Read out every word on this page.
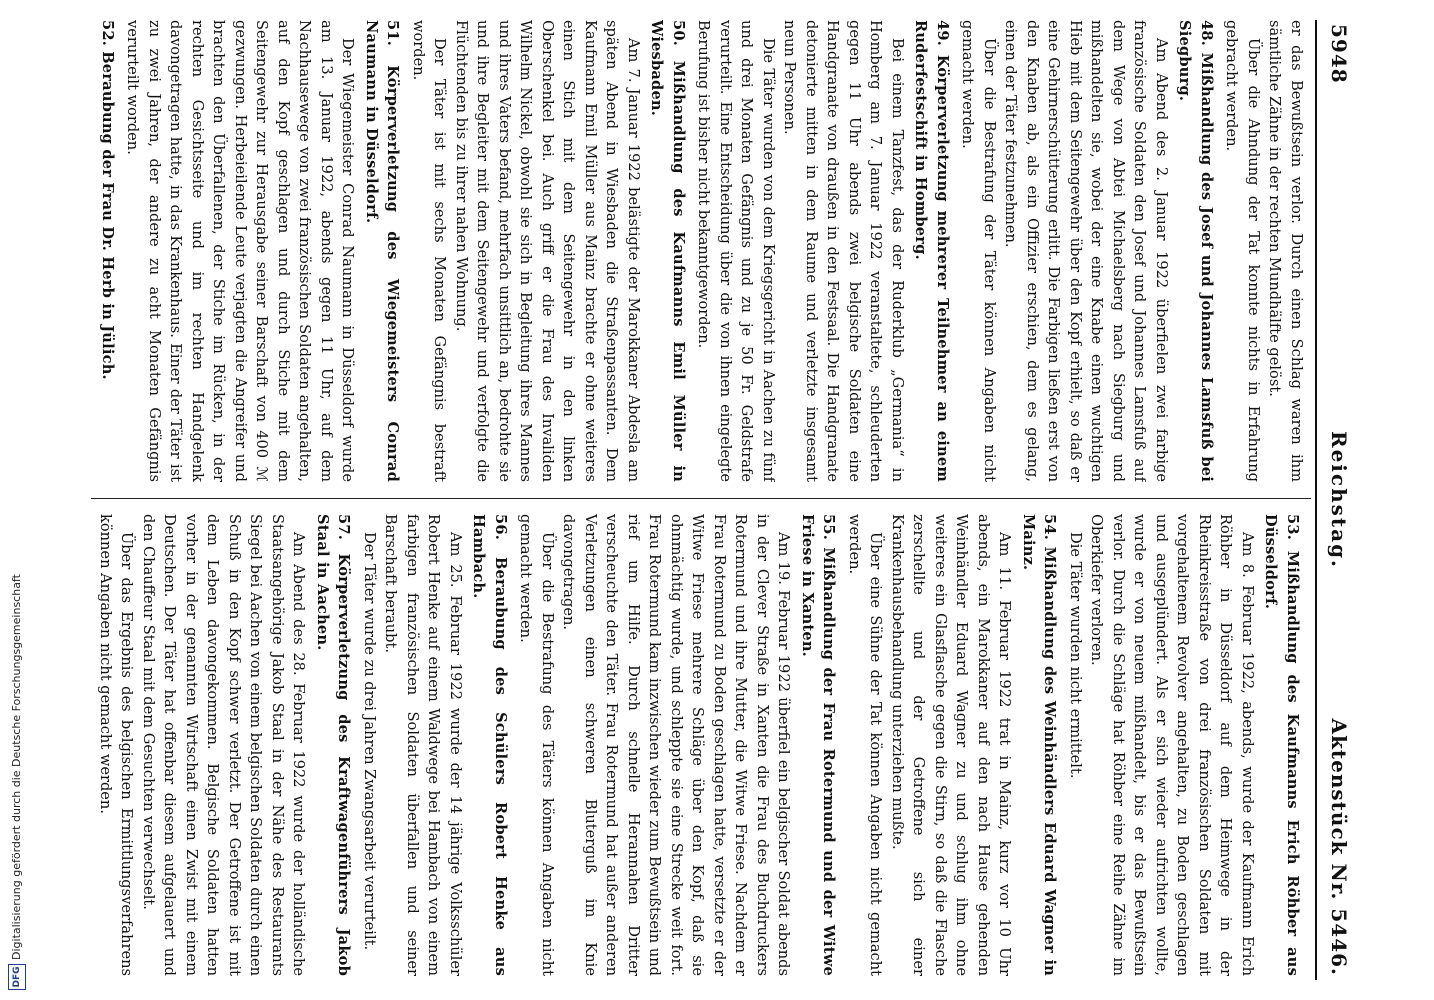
5948
Reichstag.
Aktenstück Nr. 5446.

er das Bewußtsein verlor. Durch einen Schlag waren ihm sämtliche Zähne in der rechten Mundhälfte gelöst.

Über die Ahndung der Tat konnte nichts in Erfahrung gebracht werden.

48. Mißhandlung des Josef und Johannes Lamsfuß bei Siegburg.

Am Abend des 2. Januar 1922 überfielen zwei farbige französische Soldaten den Josef und Johannes Lamsfuß auf dem Wege von Abtei Michaelsberg nach Siegburg und mißhandelten sie, wobei der eine Knabe einen wuchtigen Hieb mit dem Seitengewehr über den Kopf erhielt, so daß er eine Gehirnerschütterung erlitt. Die Farbigen ließen erst von den Knaben ab, als ein Offizier erschien, dem es gelang, einen der Täter festzunehmen.

Über die Bestrafung der Täter können Angaben nicht gemacht werden.

49. Körperverletzung mehrerer Teilnehmer an einem Ruderfestschift in Homberg.

Bei einem Tanzfest, das der Ruderklub „Germania“ in Homberg am 7. Januar 1922 veranstaltete, schleuderten gegen 11 Uhr abends zwei belgische Soldaten eine Handgranate von draußen in den Festsaal. Die Handgranate detonierte mitten in dem Raume und verletzte insgesamt neun Personen.

Die Täter wurden von dem Kriegsgericht in Aachen zu fünf und drei Monaten Gefängnis und zu je 50 Fr. Geldstrafe verurteilt. Eine Entscheidung über die von ihnen eingelegte Berufung ist bisher nicht bekanntgeworden.

50. Mißhandlung des Kaufmanns Emil Müller in Wiesbaden.

Am 7. Januar 1922 belästigte der Marokkaner Abdesla am späten Abend in Wiesbaden die Straßenpassanten. Dem Kaufmann Emil Müller aus Mainz brachte er ohne weiteres einen Stich mit dem Seitengewehr in den linken Oberschenkel bei. Auch griff er die Frau des Invaliden Wilhelm Nickel, obwohl sie sich in Begleitung ihres Mannes und ihres Vaters befand, mehrfach unsittlich an, bedrohte sie und ihre Begleiter mit dem Seitengewehr und verfolgte die Flüchtenden bis zu ihrer nahen Wohnung.

Der Täter ist mit sechs Monaten Gefängnis bestraft worden.

51. Körperverletzung des Wiegemeisters Conrad Naumann in Düsseldorf.

Der Wiegemeister Conrad Naumann in Düsseldorf wurde am 13. Januar 1922, abends gegen 11 Uhr, auf dem Nachhausewege von zwei französischen Soldaten angehalten, auf den Kopf geschlagen und durch Stiche mit dem Seitengewehr zur Herausgabe seiner Barschaft von 400 ℳ gezwungen. Herbeieilende Leute verjagten die Angreifer und brachten den Überfallenen, der Stiche im Rücken, in der rechten Gesichtsseite und im rechten Handgelenk davongetragen hatte, in das Krankenhaus. Einer der Täter ist zu zwei Jahren, der andere zu acht Monaten Gefängnis verurteilt worden.

52. Beraubung der Frau Dr. Herb in Jülich.

53. Mißhandlung des Kaufmanns Erich Röhber aus Düsseldorf.

Am 8. Februar 1922, abends, wurde der Kaufmann Erich Röhber in Düsseldorf auf dem Heimwege in der Rheinkreisstraße von drei französischen Soldaten mit vorgehaltenem Revolver angehalten, zu Boden geschlagen und ausgeplündert. Als er sich wieder aufrichten wollte, wurde er von neuem mißhandelt, bis er das Bewußtsein verlor. Durch die Schläge hat Röhber eine Reihe Zähne im Oberkiefer verloren.

Die Täter wurden nicht ermittelt.

54. Mißhandlung des Weinhändlers Eduard Wagner in Mainz.

Am 11. Februar 1922 trat in Mainz, kurz vor 10 Uhr abends, ein Marokkaner auf den nach Hause gehenden Weinhändler Eduard Wagner zu und schlug ihm ohne weiteres ein Glasflasche gegen die Stirn, so daß die Flasche zerschellte und der Getroffene sich einer Krankenhausbehandlung unterziehen mußte.

Über eine Sühne der Tat können Angaben nicht gemacht werden.

55. Mißhandlung der Frau Rotermund und der Witwe Friese in Xanten.

Am 19. Februar 1922 überfiel ein belgischer Soldat abends in der Clever Straße in Xanten die Frau des Buchdruckers Rotermund und ihre Mutter, die Witwe Friese. Nachdem er Frau Rotermund zu Boden geschlagen hatte, versetzte er der Witwe Friese mehrere Schläge über den Kopf, daß sie ohnmächtig wurde, und schleppte sie eine Strecke weit fort. Frau Rotermund kam inzwischen wieder zum Bewußtsein und rief um Hilfe. Durch schnelle Herannahen Dritter verscheuchte den Täter. Frau Rotermund hat außer anderen Verletzungen einen schweren Bluterguß im Knie davongetragen.

Über die Bestrafung des Täters können Angaben nicht gemacht werden.

56. Beraubung des Schülers Robert Henke aus Hambach.

Am 25. Februar 1922 wurde der 14 jährige Volksschüler Robert Henke auf einem Waldwege bei Hambach von einem farbigen französischen Soldaten überfallen und seiner Barschaft beraubt.

Der Täter wurde zu drei Jahren Zwangsarbeit verurteilt.

57. Körperverletzung des Kraftwagenführers Jakob Staal in Aachen.

Am Abend des 28. Februar 1922 wurde der holländische Staatsangehörige Jakob Staal in der Nähe des Restaurants Siegel bei Aachen von einem belgischen Soldaten durch einen Schuß in den Kopf schwer verletzt. Der Getroffene ist mit dem Leben davongekommen. Belgische Soldaten hatten vorher in der genannten Wirtschaft einen Zwist mit einem Deutschen. Der Täter hat offenbar diesem aufgelauert und den Chauffeur Staal mit dem Gesuchten verwechselt.

Über das Ergebnis des belgischen Ermittlungsverfahrens können Angaben nicht gemacht werden.

DFG
Digitalisierung gefördert durch die Deutsche Forschungsgemeinschaft
